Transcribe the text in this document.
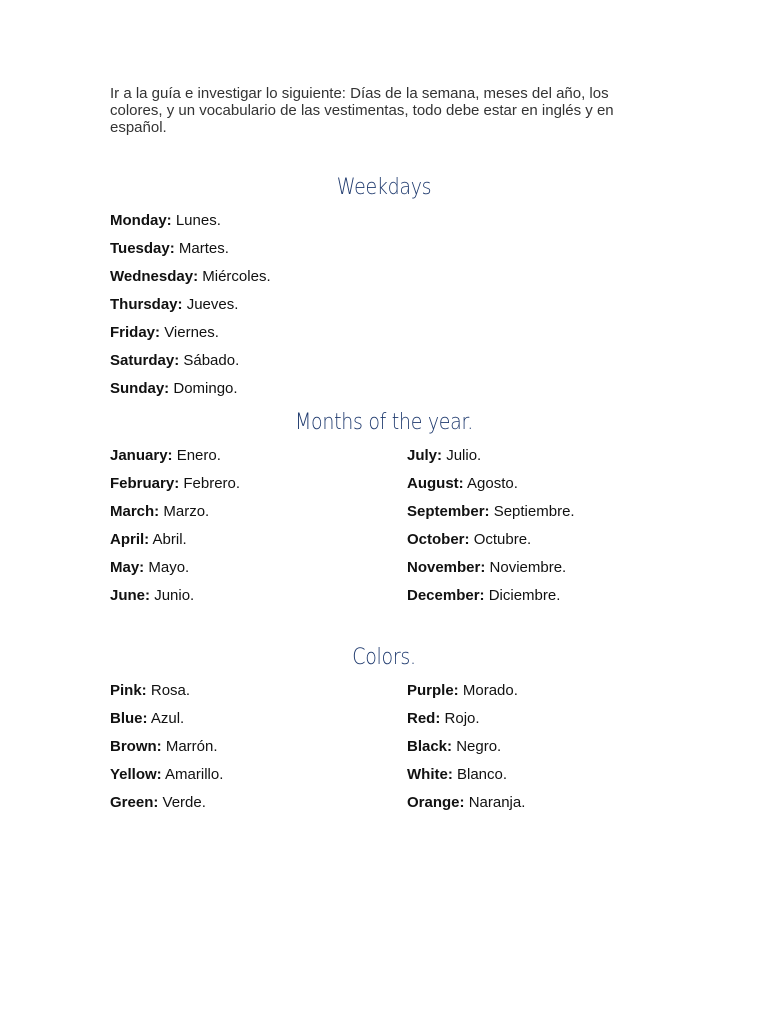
Ir a la guía e investigar lo siguiente: Días de la semana, meses del año, los colores, y un vocabulario de las vestimentas, todo debe estar en inglés y en español.

Weekdays
Monday: Lunes.
Tuesday: Martes.
Wednesday: Miércoles.
Thursday: Jueves.
Friday: Viernes.
Saturday: Sábado.
Sunday: Domingo.
Months of the year.
January: Enero.
February: Febrero.
March: Marzo.
April: Abril.
May: Mayo.
June: Junio.
July: Julio.
August: Agosto.
September: Septiembre.
October: Octubre.
November: Noviembre.
December: Diciembre.
Colors.
Pink: Rosa.
Blue: Azul.
Brown: Marrón.
Yellow: Amarillo.
Green: Verde.
Purple: Morado.
Red: Rojo.
Black: Negro.
White: Blanco.
Orange: Naranja.
